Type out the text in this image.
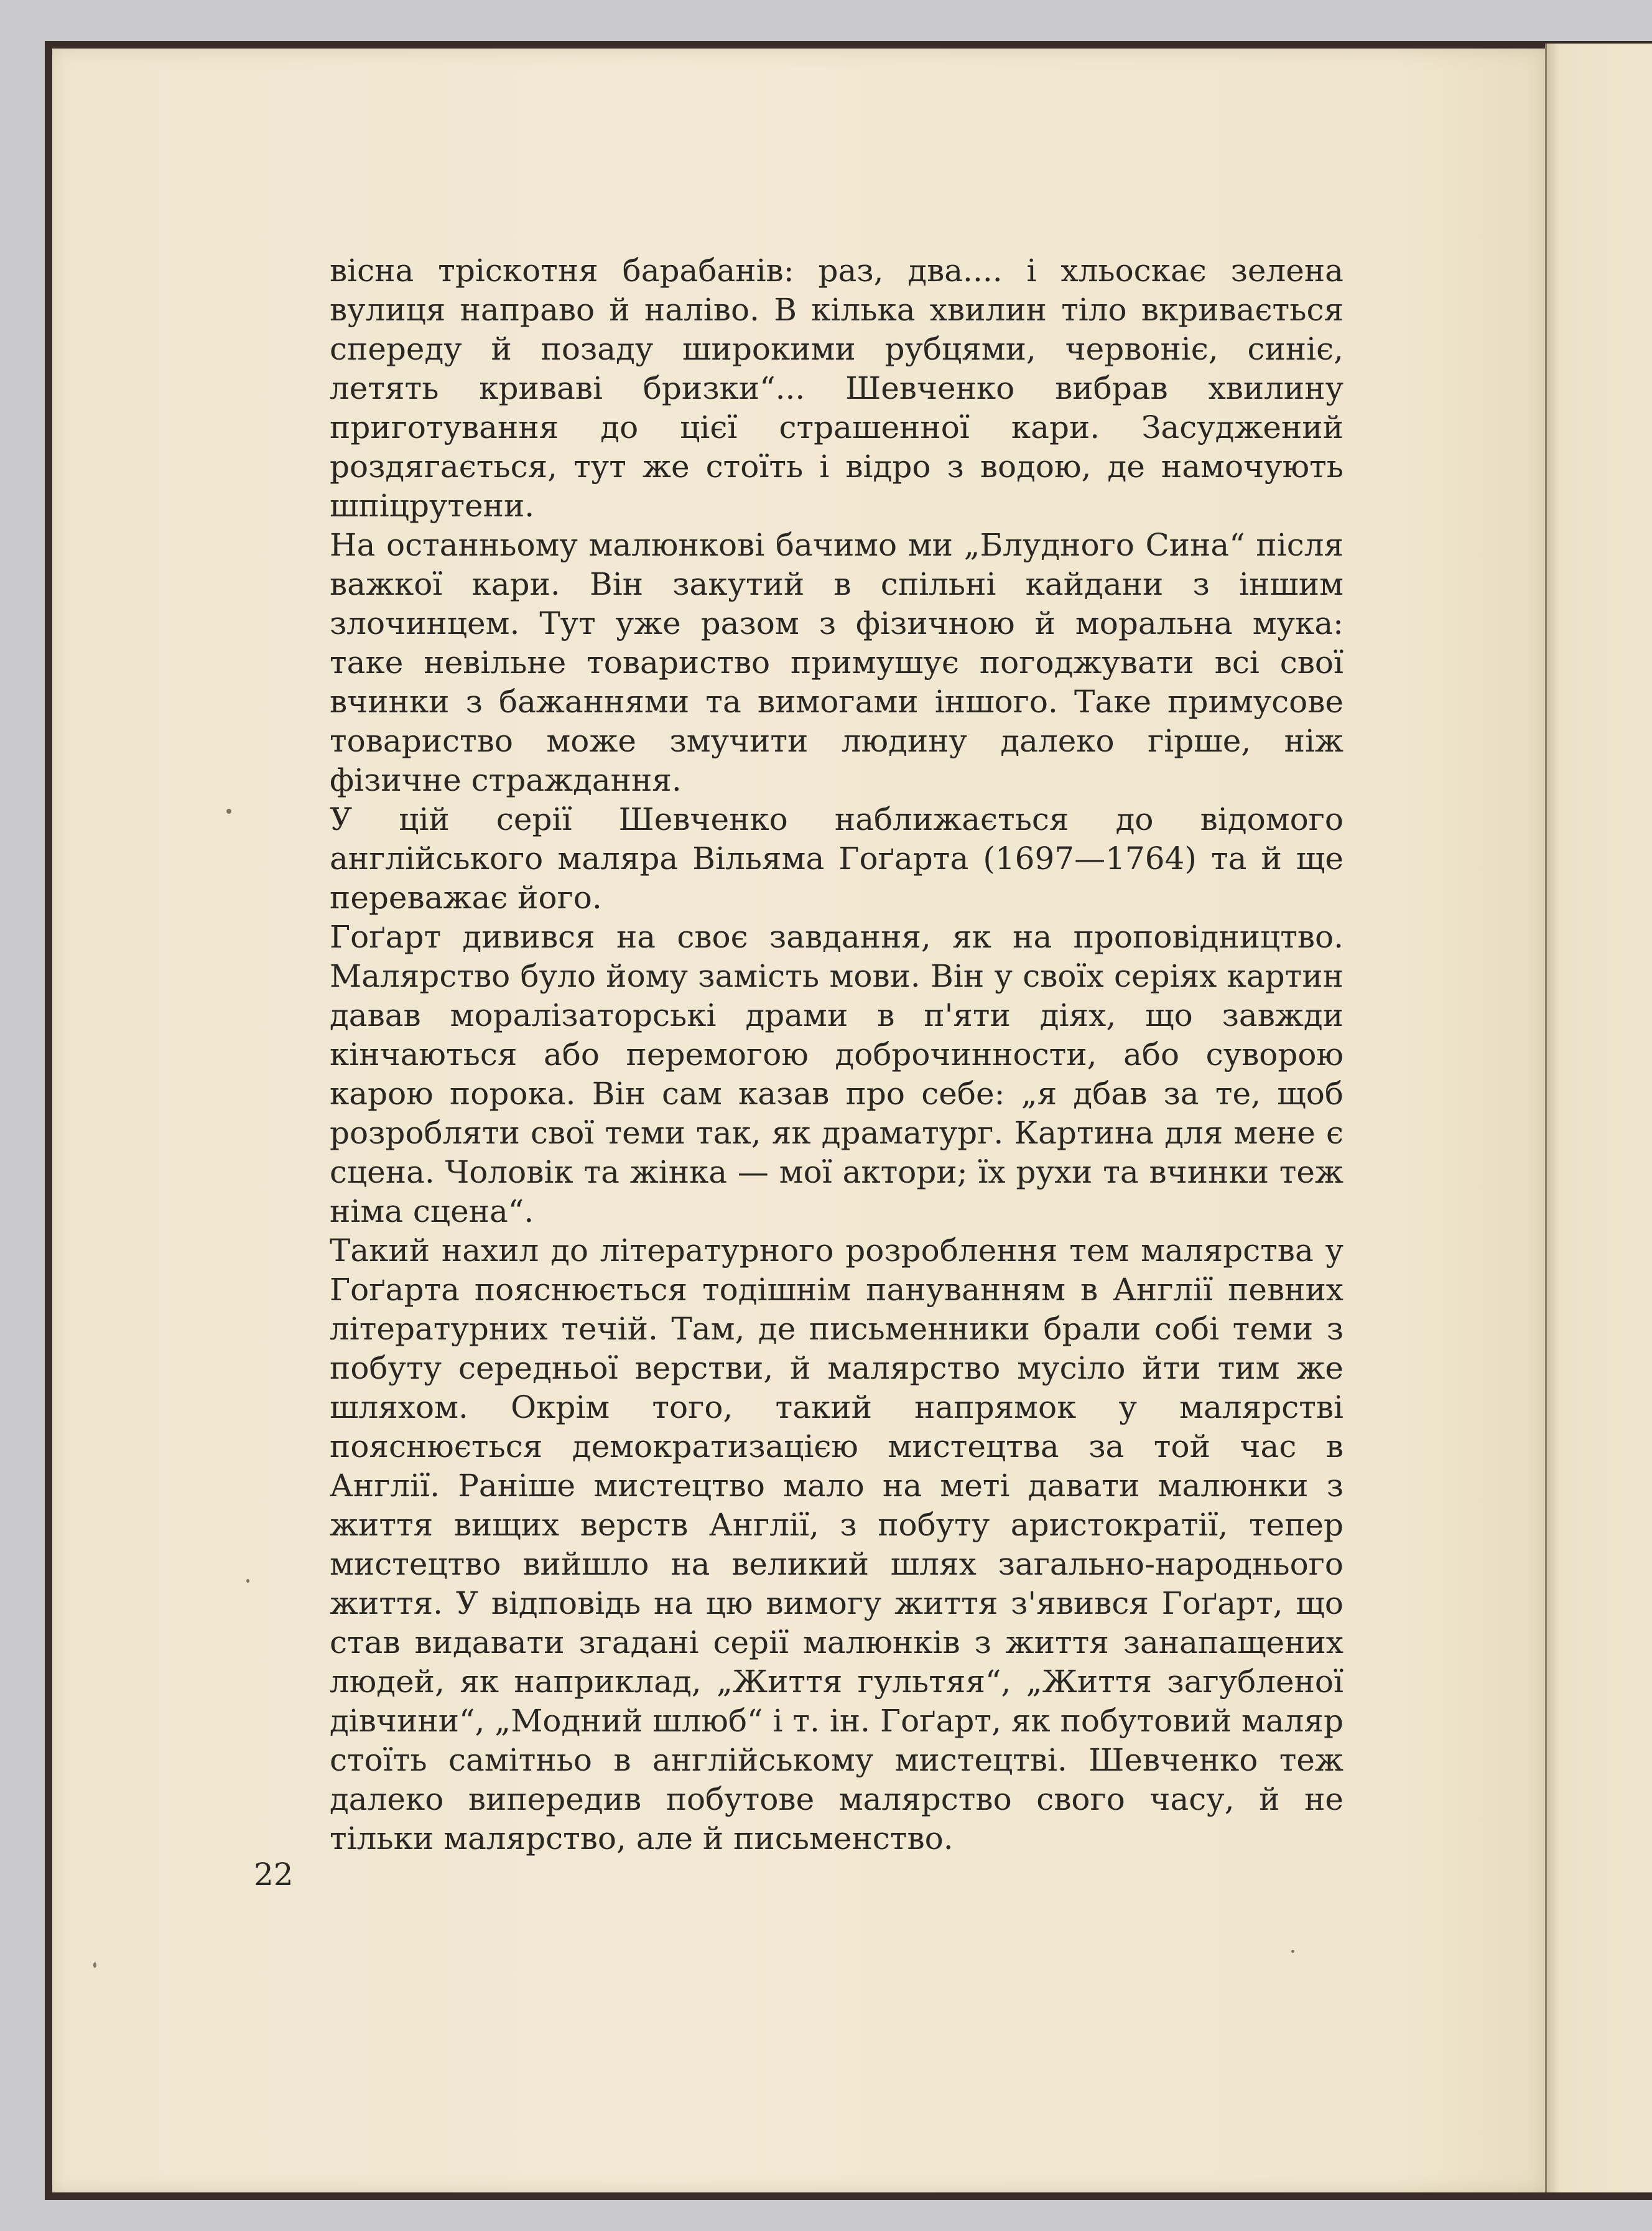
вісна тріскотня барабанів: раз, два.... і хльоскає зелена вулиця направо й наліво. В кілька хвилин тіло вкривається спереду й позаду широкими рубцями, червоніє, синіє, летять криваві бризки“... Шевченко вибрав хвилину приготування до цієї страшенної кари. Засуджений роздягається, тут же стоїть і відро з водою, де намочують шпіцрутени.

На останньому малюнкові бачимо ми „Блудного Сина“ після важкої кари. Він закутий в спільні кайдани з іншим злочинцем. Тут уже разом з фізичною й моральна мука: таке невільне товариство примушує погоджувати всі свої вчинки з бажаннями та вимогами іншого. Таке примусове товариство може змучити людину далеко гірше, ніж фізичне страждання.

У цій серії Шевченко наближається до відомого англійського маляра Вільяма Гоґарта (1697—1764) та й ще переважає його.

Гоґарт дивився на своє завдання, як на проповідництво. Малярство було йому замість мови. Він у своїх серіях картин давав моралізаторські драми в п'яти діях, що завжди кінчаються або перемогою доброчинности, або суворою карою порока. Він сам казав про себе: „я дбав за те, щоб розробляти свої теми так, як драматург. Картина для мене є сцена. Чоловік та жінка — мої актори; їх рухи та вчинки теж німа сцена“.

Такий нахил до літературного розроблення тем малярства у Гоґарта пояснюється тодішнім пануванням в Англії певних літературних течій. Там, де письменники брали собі теми з побуту середньої верстви, й малярство мусіло йти тим же шляхом. Окрім того, такий напрямок у малярстві пояснюється демократизацією мистецтва за той час в Англії. Раніше мистецтво мало на меті давати малюнки з життя вищих верств Англії, з побуту аристократії, тепер мистецтво вийшло на великий шлях загально-народнього життя. У відповідь на цю вимогу життя з'явився Гоґарт, що став видавати згадані серії малюнків з життя занапащених людей, як наприклад, „Життя гультяя“, „Життя загубленої дівчини“, „Модний шлюб“ і т. ін. Гоґарт, як побутовий маляр стоїть самітньо в англійському мистецтві. Шевченко теж далеко випередив побутове малярство свого часу, й не тільки малярство, але й письменство.

22
